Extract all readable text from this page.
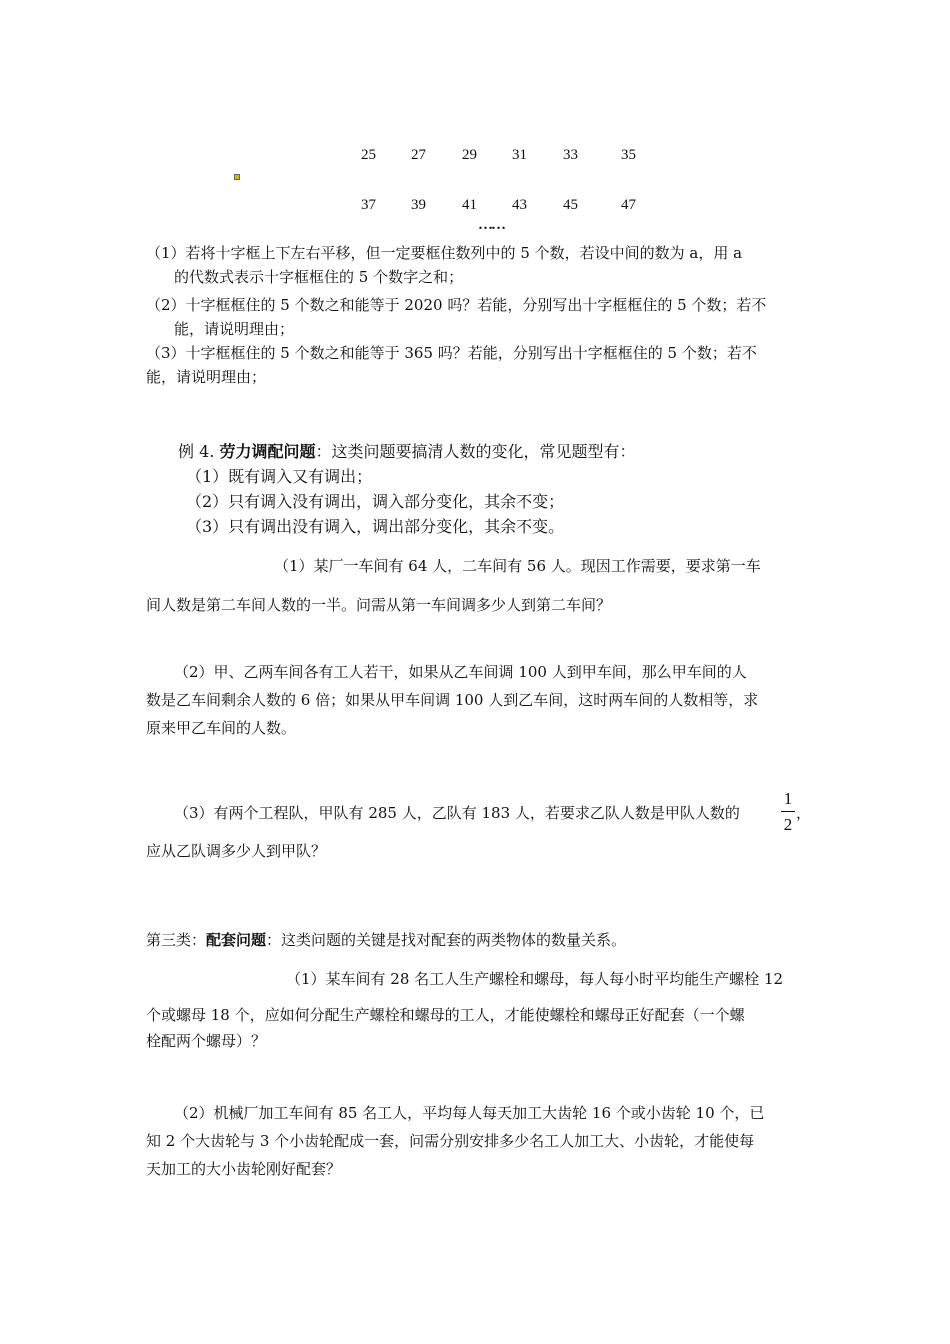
25 27 29 31 33	35
37 39 41 43 45	47
……
（1）若将十字框上下左右平移，但一定要框住数列中的 5 个数，若设中间的数为 a，用 a
的代数式表示十字框框住的 5 个数字之和；
（2）十字框框住的 5 个数之和能等于 2020 吗？若能，分别写出十字框框住的 5 个数；若不
能，请说明理由；
（3）十字框框住的 5 个数之和能等于 365 吗？若能，分别写出十字框框住的 5 个数；若不
能，请说明理由；
例 4. 劳力调配问题：这类问题要搞清人数的变化，常见题型有：
（1）既有调入又有调出；
（2）只有调入没有调出，调入部分变化，其余不变；
（3）只有调出没有调入，调出部分变化，其余不变。
（1）某厂一车间有 64 人，二车间有 56 人。现因工作需要，要求第一车
间人数是第二车间人数的一半。问需从第一车间调多少人到第二车间？
（2）甲、乙两车间各有工人若干，如果从乙车间调 100 人到甲车间，那么甲车间的人
数是乙车间剩余人数的 6 倍；如果从甲车间调 100 人到乙车间，这时两车间的人数相等，求
原来甲乙车间的人数。
（3）有两个工程队，甲队有 285 人，乙队有 183 人，若要求乙队人数是甲队人数的
1
2
，
应从乙队调多少人到甲队？
第三类：配套问题：这类问题的关键是找对配套的两类物体的数量关系。
（1）某车间有 28 名工人生产螺栓和螺母，每人每小时平均能生产螺栓 12
个或螺母 18 个，应如何分配生产螺栓和螺母的工人，才能使螺栓和螺母正好配套（一个螺
栓配两个螺母）？
（2）机械厂加工车间有 85 名工人，平均每人每天加工大齿轮 16 个或小齿轮 10 个，已
知 2 个大齿轮与 3 个小齿轮配成一套，问需分别安排多少名工人加工大、小齿轮，才能使每
天加工的大小齿轮刚好配套？
